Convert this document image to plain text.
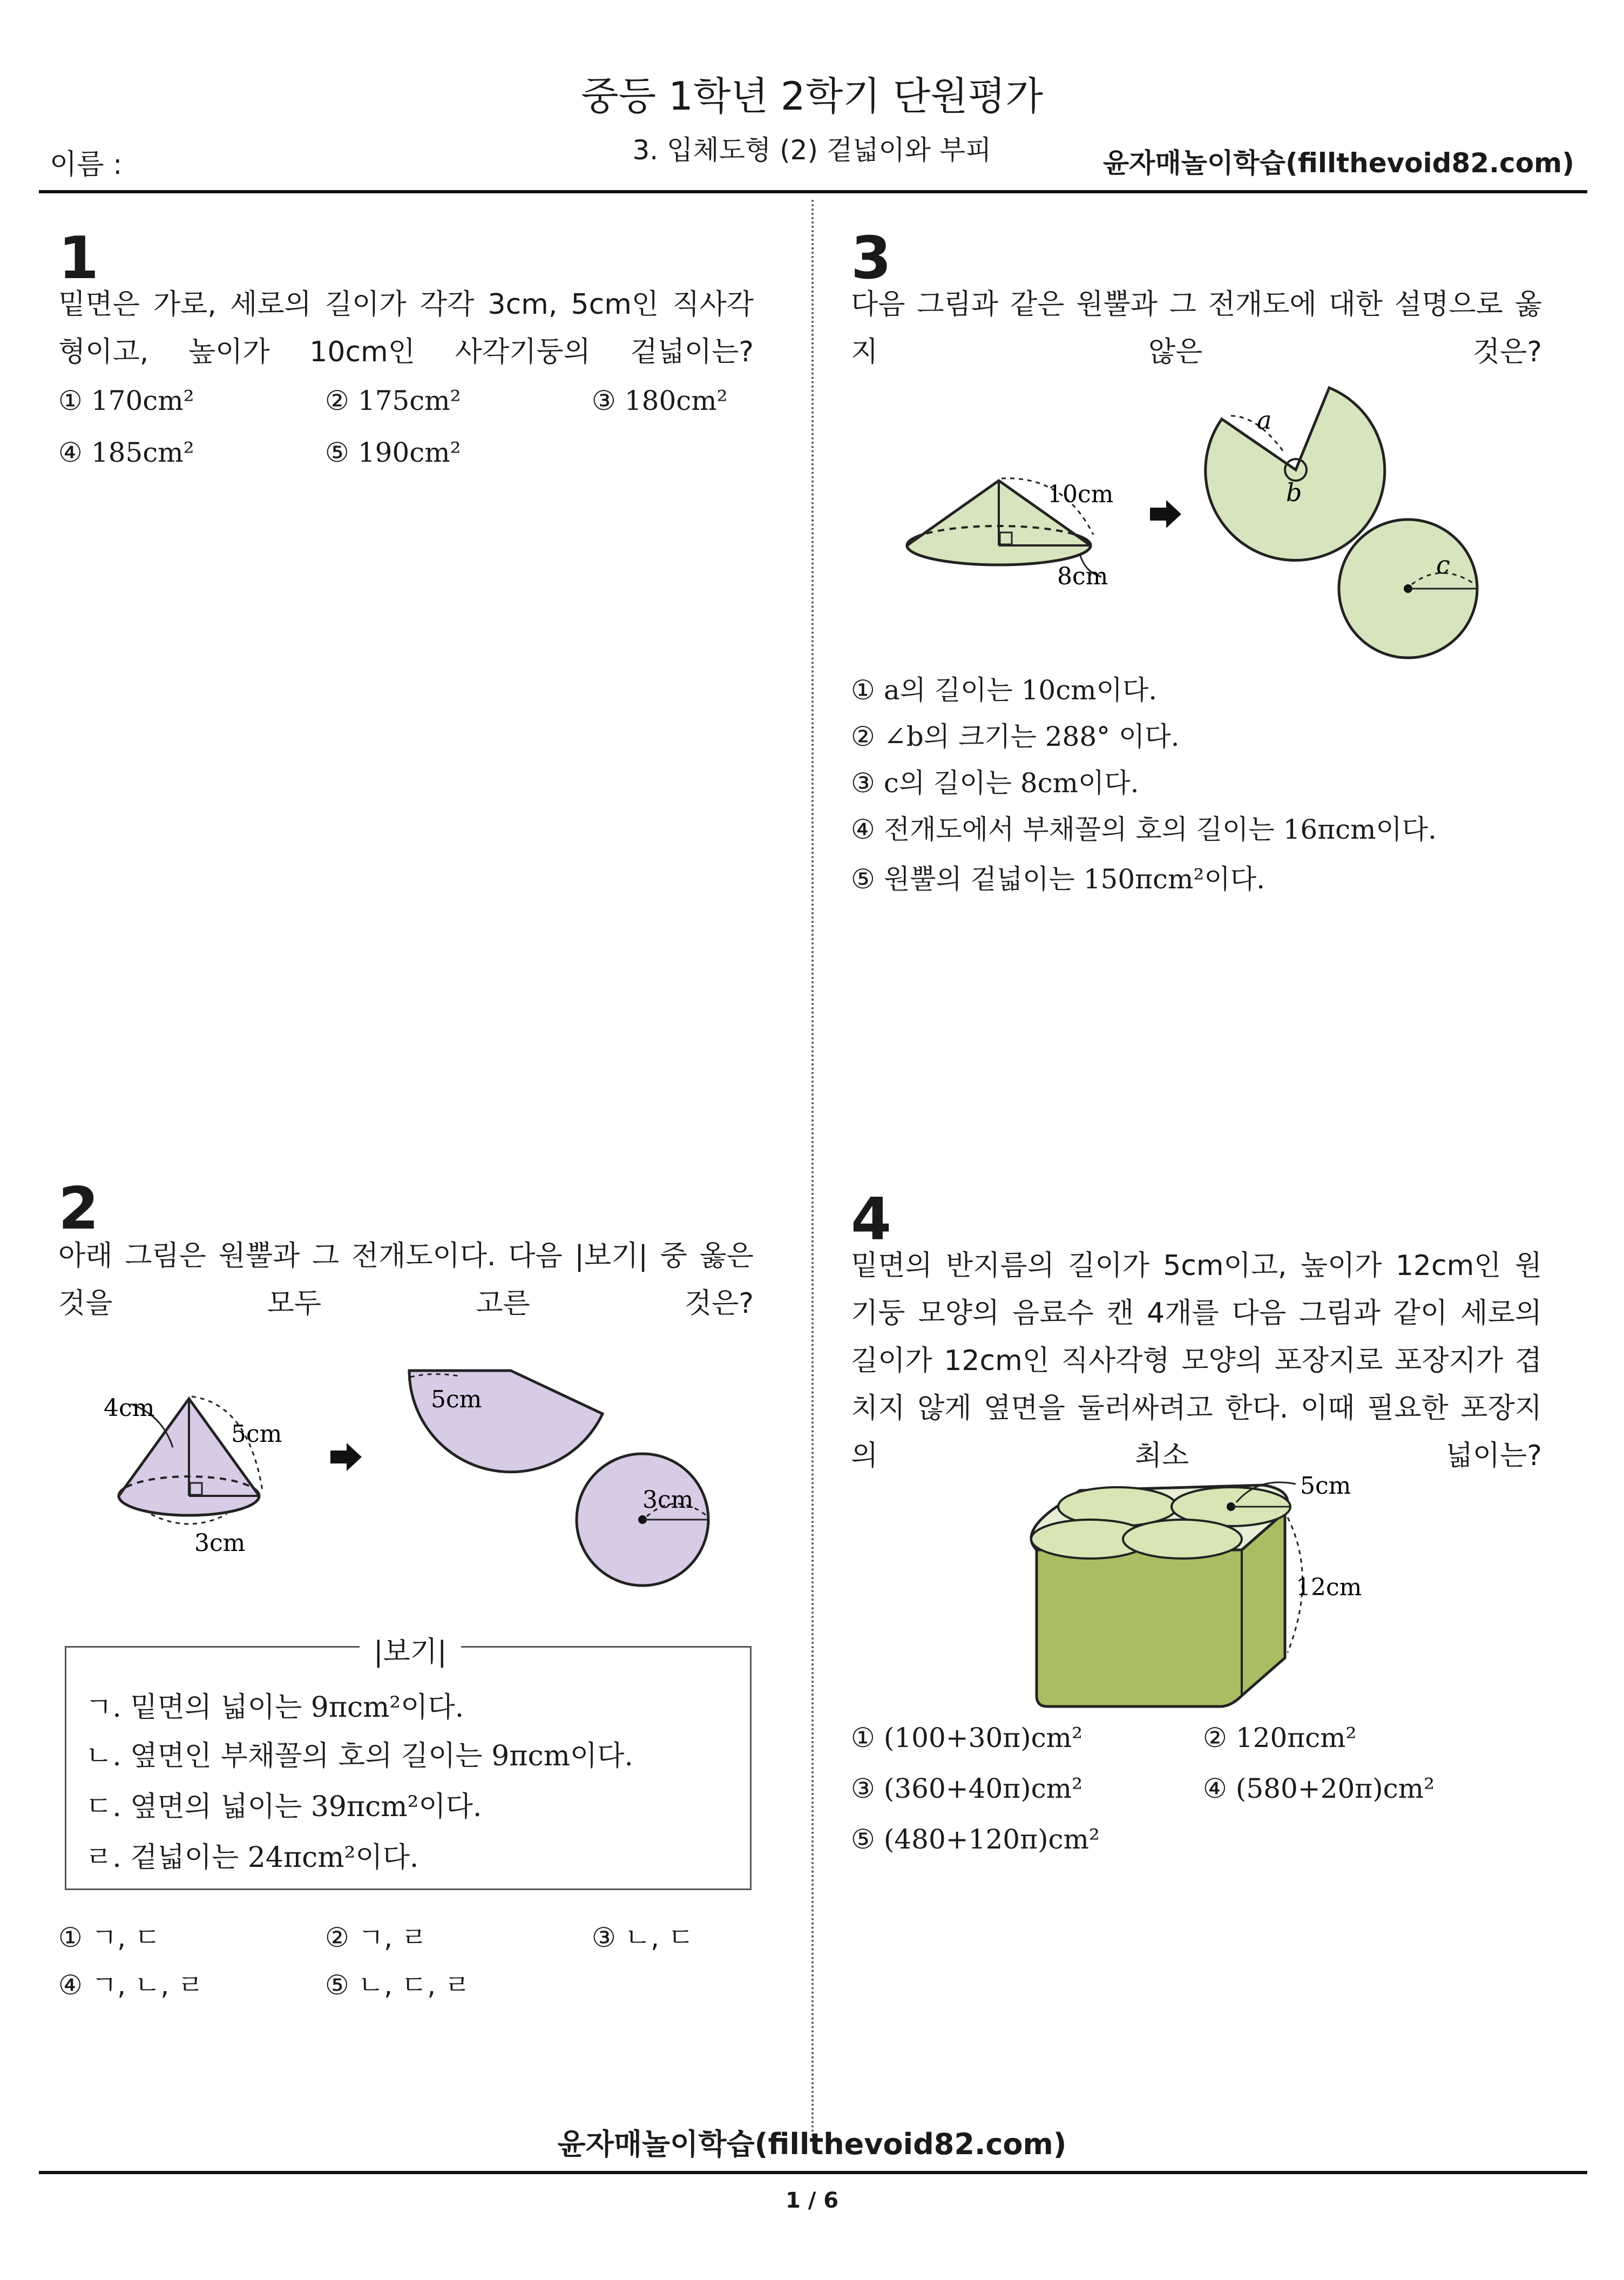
중등 1학년 2학기 단원평가
3. 입체도형 (2) 겉넓이와 부피
이름 :	윤자매놀이학습(fillthevoid82.com)
1
밑면은 가로, 세로의 길이가 각각 3cm, 5cm인 직사각
형이고, 높이가 10cm인 사각기둥의 겉넓이는?
① 170cm²	② 175cm²	③ 180cm²
④ 185cm²	⑤ 190cm²
3
다음 그림과 같은 원뿔과 그 전개도에 대한 설명으로 옳
지 않은 것은?
10cm
8cm
a
b
c
① a의 길이는 10cm이다.
② ∠b의 크기는 288° 이다.
③ c의 길이는 8cm이다.
④ 전개도에서 부채꼴의 호의 길이는 16πcm이다.
⑤ 원뿔의 겉넓이는 150πcm²이다.
2
아래 그림은 원뿔과 그 전개도이다. 다음 |보기| 중 옳은
것을 모두 고른 것은?
4cm
5cm
3cm
5cm
3cm
|보기|
ㄱ. 밑면의 넓이는 9πcm²이다.
ㄴ. 옆면인 부채꼴의 호의 길이는 9πcm이다.
ㄷ. 옆면의 넓이는 39πcm²이다.
ㄹ. 겉넓이는 24πcm²이다.
① ㄱ, ㄷ	② ㄱ, ㄹ	③ ㄴ, ㄷ
④ ㄱ, ㄴ, ㄹ	⑤ ㄴ, ㄷ, ㄹ
4
밑면의 반지름의 길이가 5cm이고, 높이가 12cm인 원
기둥 모양의 음료수 캔 4개를 다음 그림과 같이 세로의
길이가 12cm인 직사각형 모양의 포장지로 포장지가 겹
치지 않게 옆면을 둘러싸려고 한다. 이때 필요한 포장지
의 최소 넓이는?
5cm
12cm
① (100+30π)cm²	② 120πcm²
③ (360+40π)cm²	④ (580+20π)cm²
⑤ (480+120π)cm²
윤자매놀이학습(fillthevoid82.com)
1 / 6
